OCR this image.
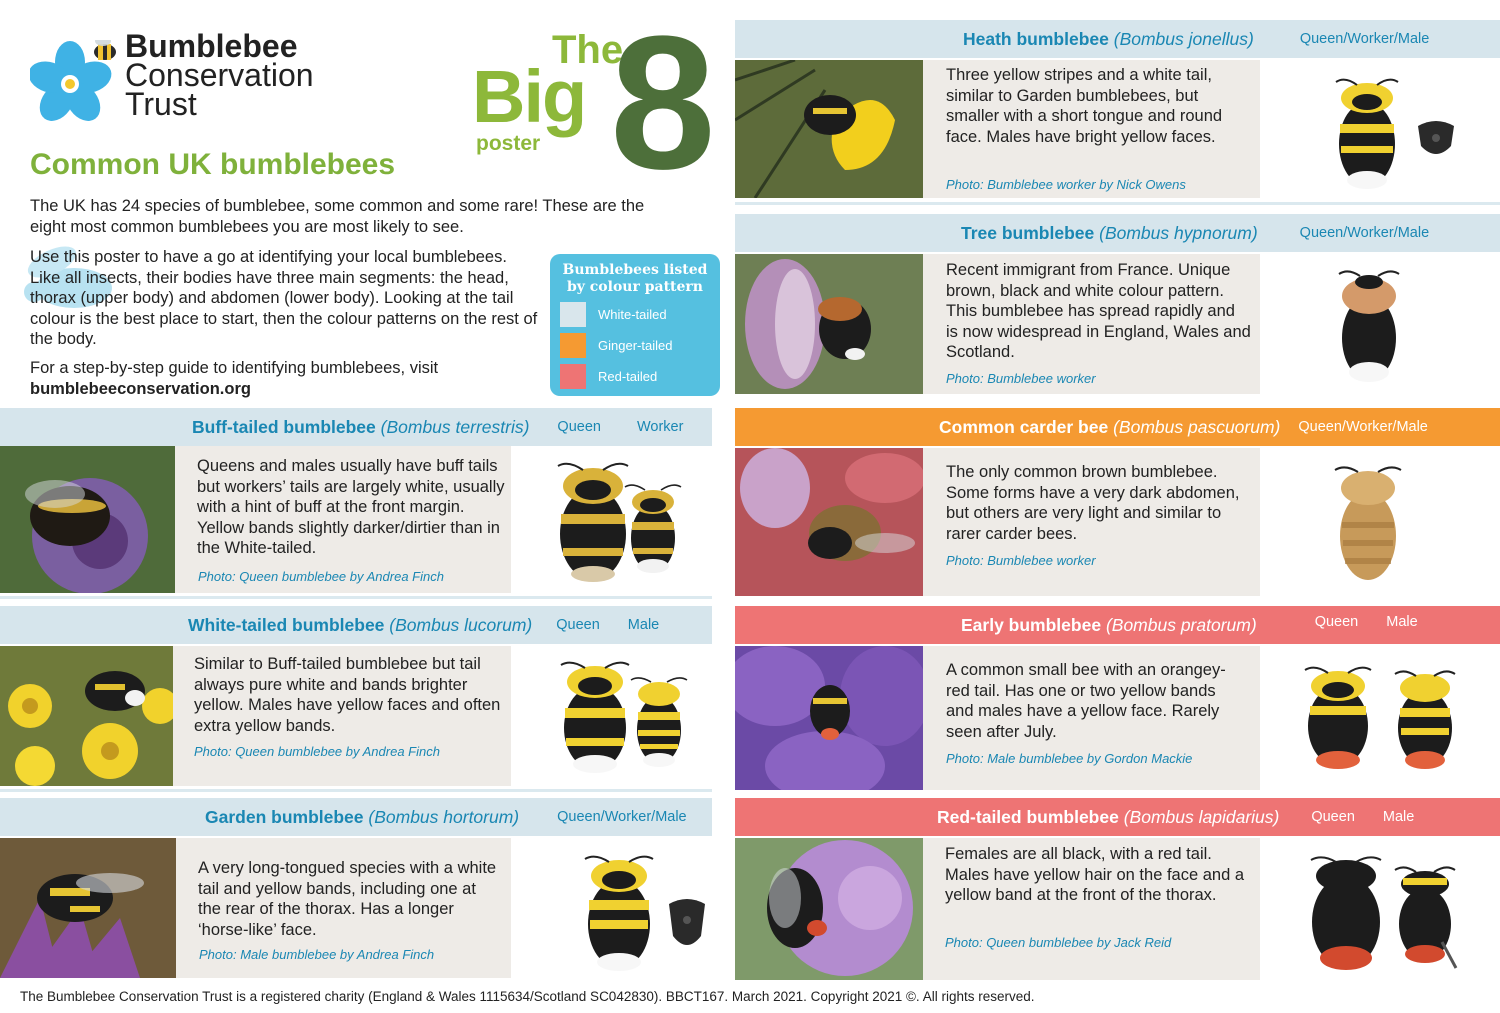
Bumblebee
Conservation
Trust
The
Big
poster 8
Common UK bumblebees

The UK has 24 species of bumblebee, some common and some rare! These are the eight most common bumblebees you are most likely to see.

Use this poster to have a go at identifying your local bumblebees. Like all insects, their bodies have three main segments: the head, thorax (upper body) and abdomen (lower body). Looking at the tail colour is the best place to start, then the colour patterns on the rest of the body.

For a step-by-step guide to identifying bumblebees, visit
bumblebeeconservation.org

Bumblebees listed by colour pattern
White-tailed
Ginger-tailed
Red-tailed
Buff-tailed bumblebee (Bombus terrestris) Queen Worker

Queens and males usually have buff tails but workers’ tails are largely white, usually with a hint of buff at the front margin. Yellow bands slightly darker/dirtier than in the White-tailed.

Photo: Queen bumblebee by Andrea Finch
White-tailed bumblebee (Bombus lucorum) Queen Male

Similar to Buff-tailed bumblebee but tail always pure white and bands brighter yellow. Males have yellow faces and often extra yellow bands.

Photo: Queen bumblebee by Andrea Finch
Garden bumblebee (Bombus hortorum)	Queen/Worker/Male

A very long-tongued species with a white tail and yellow bands, including one at the rear of the thorax. Has a longer ‘horse-like’ face.

Photo: Male bumblebee by Andrea Finch
Heath bumblebee (Bombus jonellus)	Queen/Worker/Male

Three yellow stripes and a white tail, similar to Garden bumblebees, but smaller with a short tongue and round face. Males have bright yellow faces.

Photo: Bumblebee worker by Nick Owens
Tree bumblebee (Bombus hypnorum)	Queen/Worker/Male

Recent immigrant from France. Unique brown, black and white colour pattern. This bumblebee has spread rapidly and is now widespread in England, Wales and Scotland.

Photo: Bumblebee worker
Common carder bee (Bombus pascuorum) Queen/Worker/Male

The only common brown bumblebee. Some forms have a very dark abdomen, but others are very light and similar to rarer carder bees.

Photo: Bumblebee worker
Early bumblebee (Bombus pratorum)	Queen Male

A common small bee with an orangey-red tail. Has one or two yellow bands and males have a yellow face. Rarely seen after July.

Photo: Male bumblebee by Gordon Mackie
Red-tailed bumblebee (Bombus lapidarius) Queen Male

Females are all black, with a red tail. Males have yellow hair on the face and a yellow band at the front of the thorax.

Photo: Queen bumblebee by Jack Reid

The Bumblebee Conservation Trust is a registered charity (England & Wales 1115634/Scotland SC042830). BBCT167. March 2021. Copyright 2021 ©. All rights reserved.
